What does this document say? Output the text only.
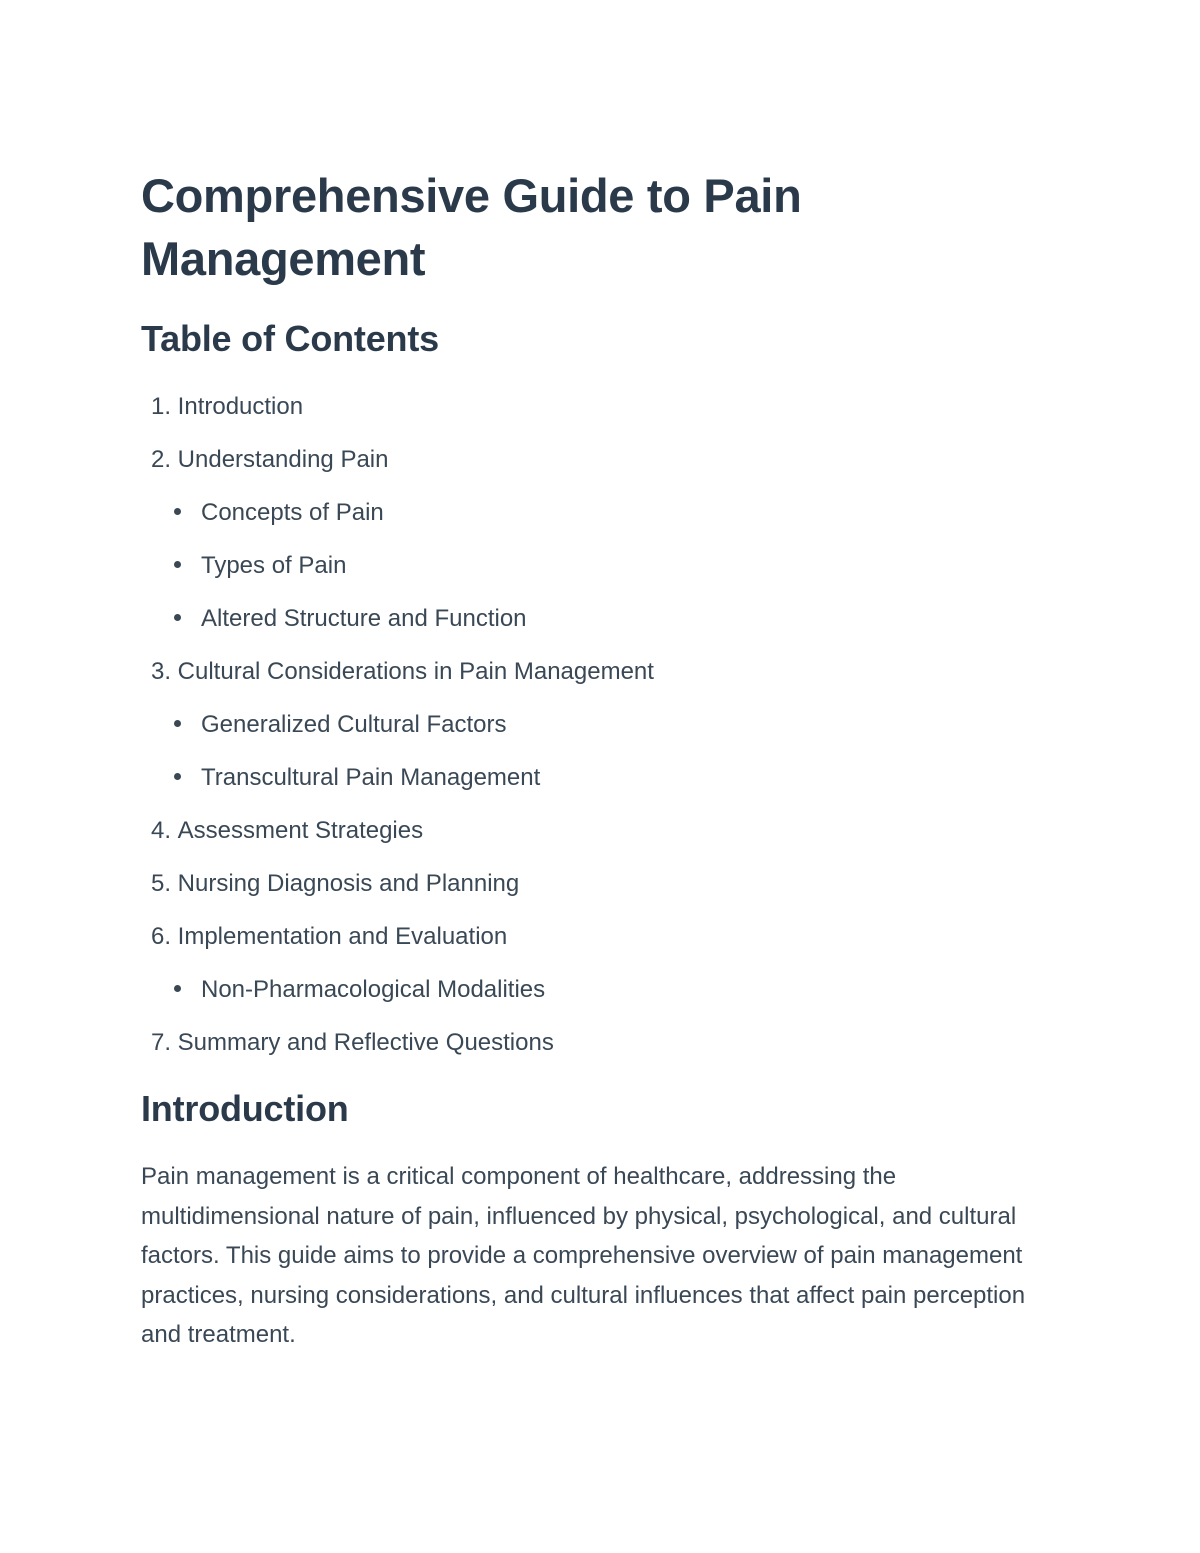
Comprehensive Guide to Pain Management
Table of Contents
1. Introduction
2. Understanding Pain
Concepts of Pain
Types of Pain
Altered Structure and Function
3. Cultural Considerations in Pain Management
Generalized Cultural Factors
Transcultural Pain Management
4. Assessment Strategies
5. Nursing Diagnosis and Planning
6. Implementation and Evaluation
Non-Pharmacological Modalities
7. Summary and Reflective Questions
Introduction

Pain management is a critical component of healthcare, addressing the multidimensional nature of pain, influenced by physical, psychological, and cultural factors. This guide aims to provide a comprehensive overview of pain management practices, nursing considerations, and cultural influences that affect pain perception and treatment.
